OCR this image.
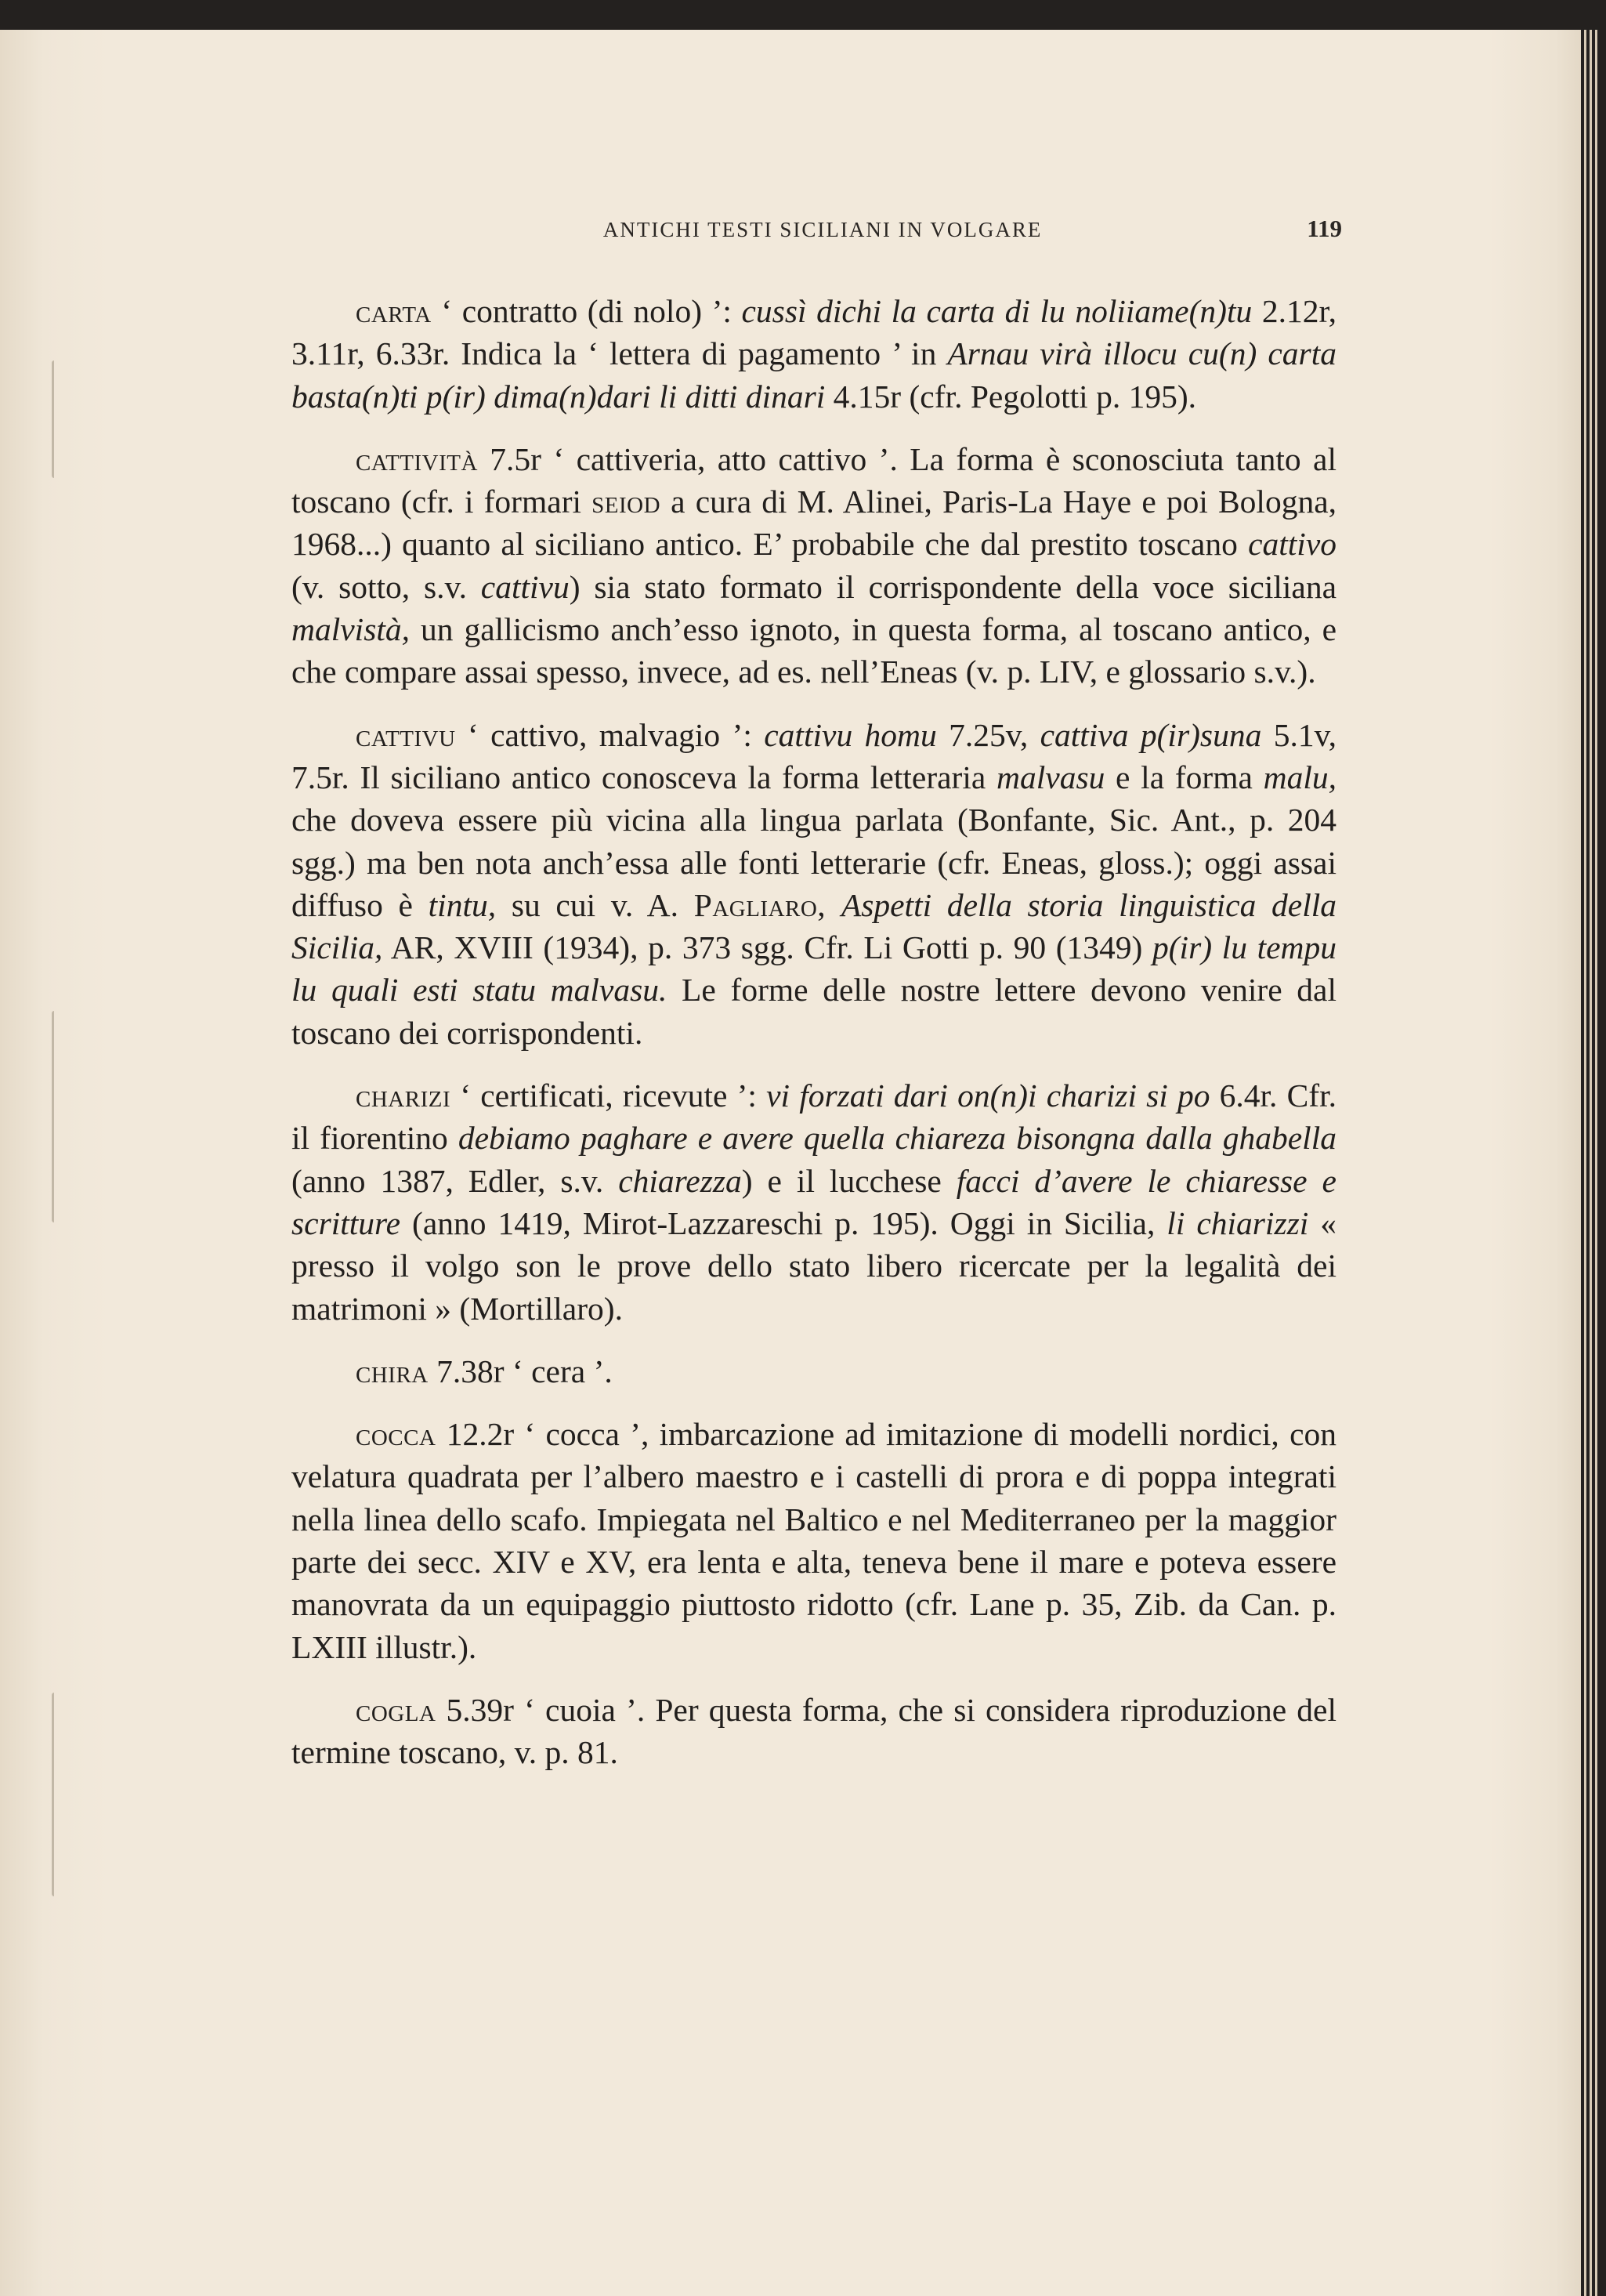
ANTICHI TESTI SICILIANI IN VOLGARE	119

carta ‘ contratto (di nolo) ’: cussì dichi la carta di lu noliiame(n)tu 2.12r, 3.11r, 6.33r. Indica la ‘ lettera di pagamento ’ in Arnau virà illocu cu(n) carta basta(n)ti p(ir) dima(n)dari li ditti dinari 4.15r (cfr. Pegolotti p. 195).

cattività 7.5r ‘ cattiveria, atto cattivo ’. La forma è sconosciuta tanto al toscano (cfr. i formari seiod a cura di M. Alinei, Paris-La Haye e poi Bologna, 1968...) quanto al siciliano antico. E’ probabile che dal prestito toscano cattivo (v. sotto, s.v. cattivu) sia stato formato il corrispondente della voce siciliana malvistà, un gallicismo anch’esso ignoto, in questa forma, al toscano antico, e che compare assai spesso, invece, ad es. nell’Eneas (v. p. LIV, e glossario s.v.).

cattivu ‘ cattivo, malvagio ’: cattivu homu 7.25v, cattiva p(ir)suna 5.1v, 7.5r. Il siciliano antico conosceva la forma letteraria malvasu e la forma malu, che doveva essere più vicina alla lingua parlata (Bonfante, Sic. Ant., p. 204 sgg.) ma ben nota anch’essa alle fonti letterarie (cfr. Eneas, gloss.); oggi assai diffuso è tintu, su cui v. A. Pagliaro, Aspetti della storia linguistica della Sicilia, AR, XVIII (1934), p. 373 sgg. Cfr. Li Gotti p. 90 (1349) p(ir) lu tempu lu quali esti statu malvasu. Le forme delle nostre lettere devono venire dal toscano dei corrispondenti.

charizi ‘ certificati, ricevute ’: vi forzati dari on(n)i charizi si po 6.4r. Cfr. il fiorentino debiamo paghare e avere quella chiareza bisongna dalla ghabella (anno 1387, Edler, s.v. chiarezza) e il lucchese facci d’avere le chiaresse e scritture (anno 1419, Mirot-Lazzareschi p. 195). Oggi in Sicilia, li chiarizzi « presso il volgo son le prove dello stato libero ricercate per la legalità dei matrimoni » (Mortillaro).

chira 7.38r ‘ cera ’.

cocca 12.2r ‘ cocca ’, imbarcazione ad imitazione di modelli nordici, con velatura quadrata per l’albero maestro e i castelli di prora e di poppa integrati nella linea dello scafo. Impiegata nel Baltico e nel Mediterraneo per la maggior parte dei secc. XIV e XV, era lenta e alta, teneva bene il mare e poteva essere manovrata da un equipaggio piuttosto ridotto (cfr. Lane p. 35, Zib. da Can. p. LXIII illustr.).

cogla 5.39r ‘ cuoia ’. Per questa forma, che si considera riproduzione del termine toscano, v. p. 81.
